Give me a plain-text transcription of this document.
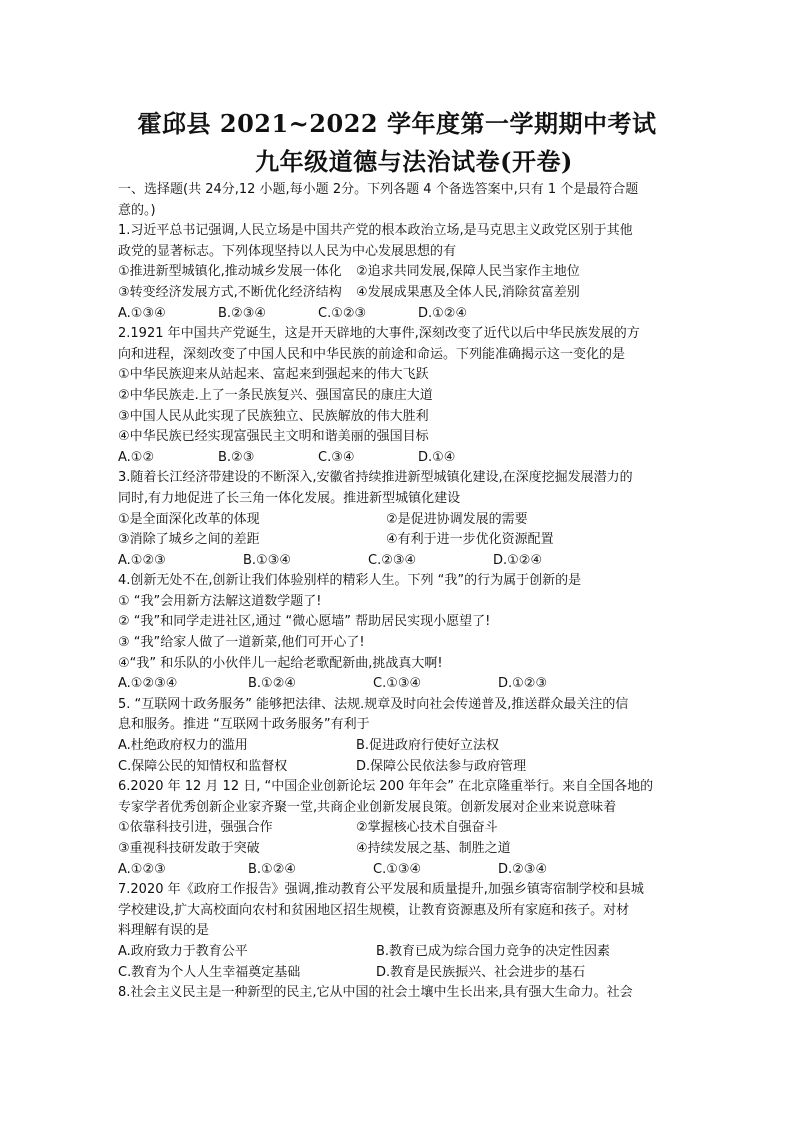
霍邱县 2021~2022 学年度第一学期期中考试
九年级道德与法治试卷(开卷)

一、选择题(共 24分,12 小题,每小题 2分。下列各题 4 个备选答案中,只有 1 个是最符合题

意的。)

1.习近平总书记强调,人民立场是中国共产党的根本政治立场,是马克思主义政党区别于其他

政党的显著标志。下列体现坚持以人民为中心发展思想的有

①推进新型城镇化,推动城乡发展一体化	②追求共同发展,保障人民当家作主地位
③转变经济发展方式,不断优化经济结构	④发展成果惠及全体人民,消除贫富差别
A.①③④	B.②③④	C.①②③	D.①②④

2.1921 年中国共产党诞生，这是开天辟地的大事件,深刻改变了近代以后中华民族发展的方

向和进程，深刻改变了中国人民和中华民族的前途和命运。下列能准确揭示这一变化的是

①中华民族迎来从站起来、富起来到强起来的伟大飞跃

②中华民族走.上了一条民族复兴、强国富民的康庄大道

③中国人民从此实现了民族独立、民族解放的伟大胜利

④中华民族已经实现富强民主文明和谐美丽的强国目标

A.①②	B.②③	C.③④	D.①④

3.随着长江经济带建设的不断深入,安徽省持续推进新型城镇化建设,在深度挖掘发展潜力的

同时,有力地促进了长三角一体化发展。推进新型城镇化建设

①是全面深化改革的体现	②是促进协调发展的需要
③消除了城乡之间的差距	④有利于进一步优化资源配置
A.①②③	B.①③④	C.②③④	D.①②④

4.创新无处不在,创新让我们体验别样的精彩人生。下列 “我”的行为属于创新的是

① “我”会用新方法解这道数学题了!

② “我”和同学走进社区,通过 “微心愿墙” 帮助居民实现小愿望了!

③ “我”给家人做了一道新菜,他们可开心了!

④“我” 和乐队的小伙伴儿一起给老歌配新曲,挑战真大啊!

A.①②③④	B.①②④	C.①③④	D.①②③

5. “互联网十政务服务” 能够把法律、法规.规章及时向社会传递普及,推送群众最关注的信

息和服务。推进 “互联网十政务服务”有利于

A.杜绝政府权力的滥用	B.促进政府行使好立法权
C.保障公民的知情权和监督权	D.保障公民依法参与政府管理

6.2020 年 12 月 12 日, “中国企业创新论坛 200 年年会” 在北京隆重举行。来自全国各地的

专家学者优秀创新企业家齐聚一堂,共商企业创新发展良策。创新发展对企业来说意味着

①依靠科技引进，强强合作	②掌握核心技术自强奋斗
③重视科技研发敢于突破	④持续发展之基、制胜之道
A.①②③	B.①②④	C.①③④	D.②③④

7.2020 年《政府工作报告》强调,推动教育公平发展和质量提升,加强乡镇寄宿制学校和县城

学校建设,扩大高校面向农村和贫困地区招生规模，让教育资源惠及所有家庭和孩子。对材

料理解有误的是

A.政府致力于教育公平	B.教育已成为综合国力竞争的决定性因素
C.教育为个人人生幸福奠定基础	D.教育是民族振兴、社会进步的基石

8.社会主义民主是一种新型的民主,它从中国的社会土壤中生长出来,具有强大生命力。社会
